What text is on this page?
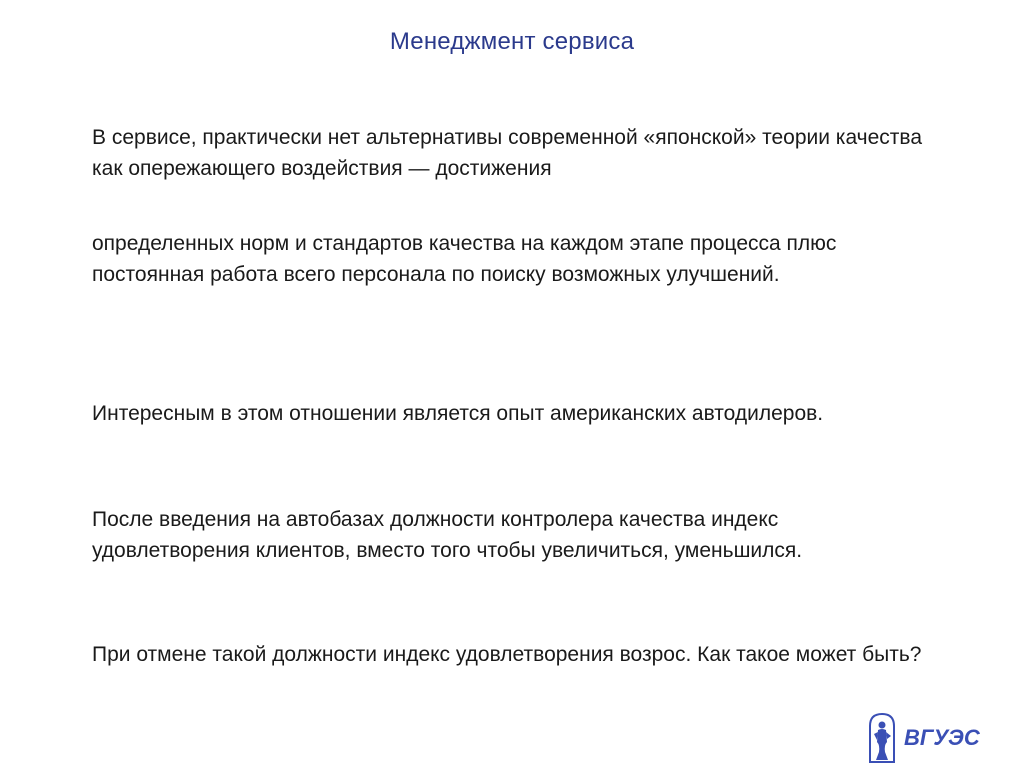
Менеджмент сервиса

В сервисе, практически нет альтернативы современной «японской» теории качества как опережающего воздействия — достижения

определенных норм и стандартов качества на каждом этапе процесса плюс постоянная работа всего персонала по поиску возможных улучшений.

Интересным в этом отношении является опыт американских автодилеров.

После введения на автобазах должности контролера качества индекс удовлетворения клиентов, вместо того чтобы увеличиться, уменьшился.

При отмене такой должности индекс удовлетворения возрос. Как такое может быть?

ВГУЭС
